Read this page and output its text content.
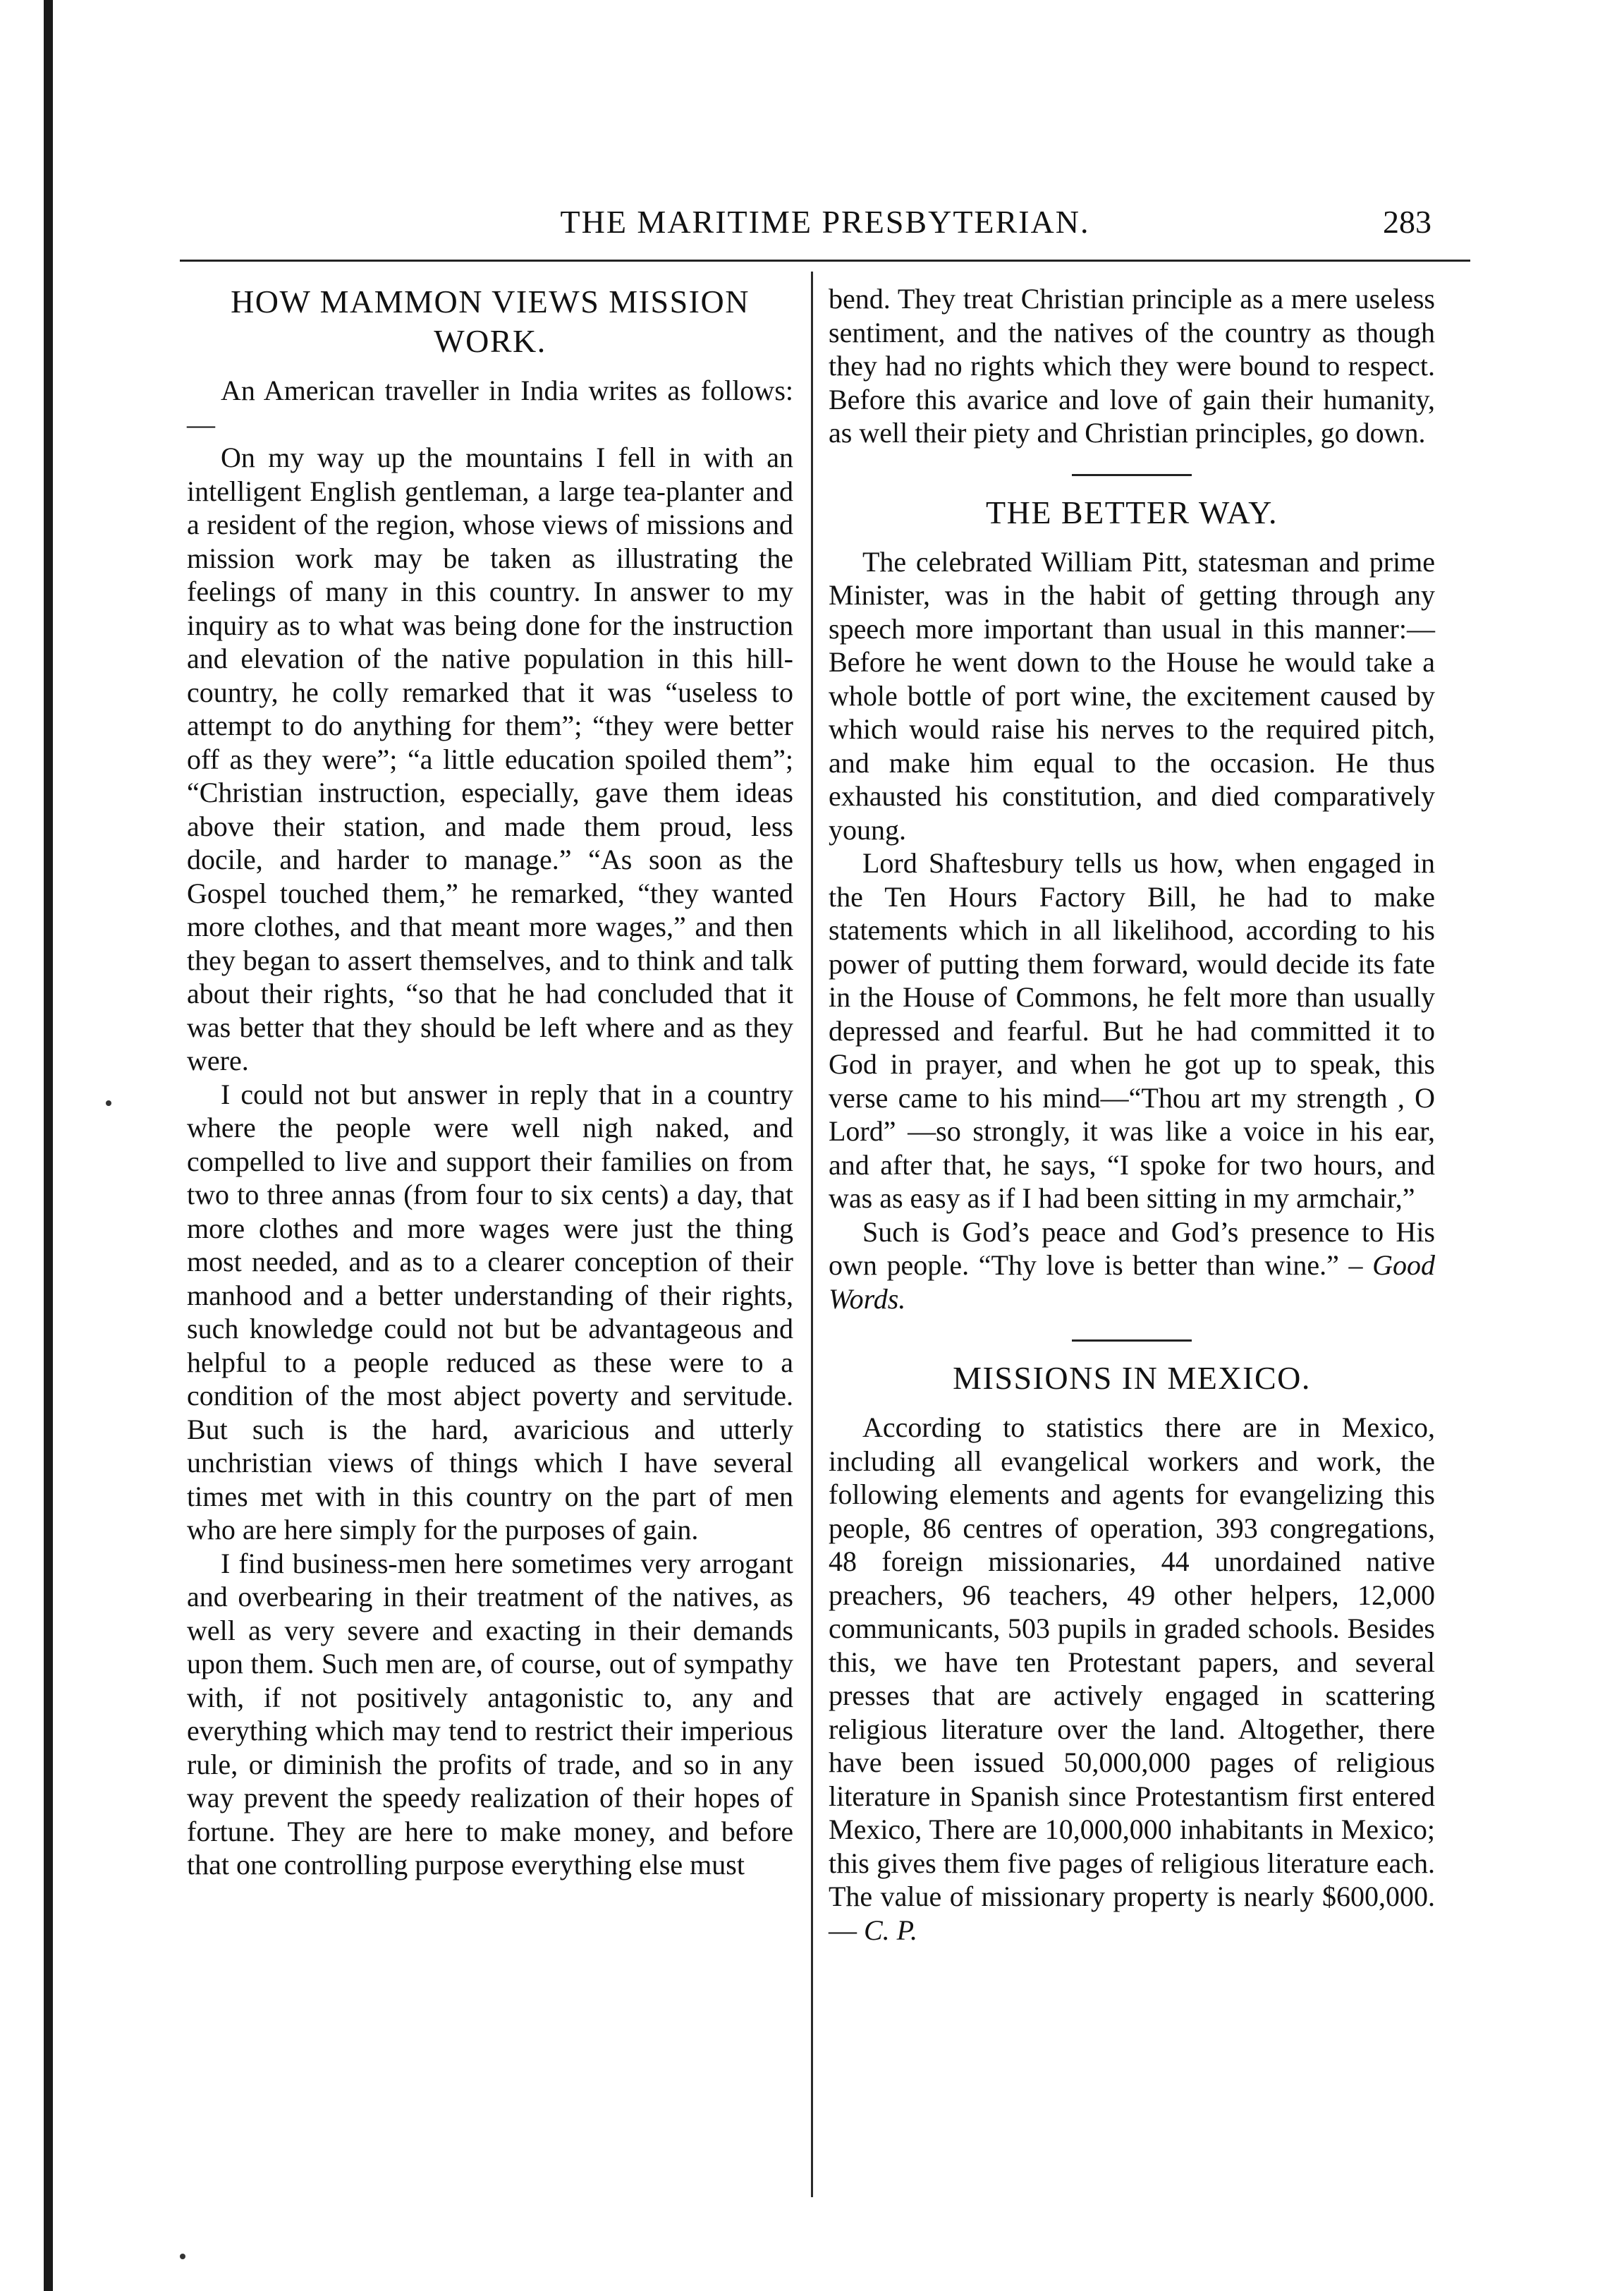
THE MARITIME PRESBYTERIAN.	283
HOW MAMMON VIEWS MISSION WORK.

An American traveller in India writes as follows: —

On my way up the mountains I fell in with an intelligent English gentleman, a large tea-planter and a resident of the region, whose views of missions and mission work may be taken as illustrating the feelings of many in this country. In answer to my inquiry as to what was being done for the instruction and elevation of the native population in this hill-country, he colly remarked that it was “useless to attempt to do anything for them”; “they were better off as they were”; “a little education spoiled them”; “Christian instruction, especially, gave them ideas above their station, and made them proud, less docile, and harder to manage.” “As soon as the Gospel touched them,” he remarked, “they wanted more clothes, and that meant more wages,” and then they began to assert themselves, and to think and talk about their rights, “so that he had concluded that it was better that they should be left where and as they were.

I could not but answer in reply that in a country where the people were well nigh naked, and compelled to live and support their families on from two to three annas (from four to six cents) a day, that more clothes and more wages were just the thing most needed, and as to a clearer conception of their manhood and a better understanding of their rights, such knowledge could not but be advantageous and helpful to a people reduced as these were to a condition of the most abject poverty and servitude. But such is the hard, avaricious and utterly unchristian views of things which I have several times met with in this country on the part of men who are here simply for the purposes of gain.

I find business-men here sometimes very arrogant and overbearing in their treatment of the natives, as well as very severe and exacting in their demands upon them. Such men are, of course, out of sympathy with, if not positively antagonistic to, any and everything which may tend to restrict their imperious rule, or diminish the profits of trade, and so in any way prevent the speedy realization of their hopes of fortune. They are here to make money, and before that one controlling purpose everything else must

bend. They treat Christian principle as a mere useless sentiment, and the natives of the country as though they had no rights which they were bound to respect. Before this avarice and love of gain their humanity, as well their piety and Christian principles, go down.

THE BETTER WAY.

The celebrated William Pitt, statesman and prime Minister, was in the habit of getting through any speech more important than usual in this manner:—Before he went down to the House he would take a whole bottle of port wine, the excitement caused by which would raise his nerves to the required pitch, and make him equal to the occasion. He thus exhausted his constitution, and died comparatively young.

Lord Shaftesbury tells us how, when engaged in the Ten Hours Factory Bill, he had to make statements which in all likelihood, according to his power of putting them forward, would decide its fate in the House of Commons, he felt more than usually depressed and fearful. But he had committed it to God in prayer, and when he got up to speak, this verse came to his mind—“Thou art my strength , O Lord” —so strongly, it was like a voice in his ear, and after that, he says, “I spoke for two hours, and was as easy as if I had been sitting in my armchair,”

Such is God’s peace and God’s presence to His own people. “Thy love is better than wine.” – Good Words.

MISSIONS IN MEXICO.

According to statistics there are in Mexico, including all evangelical workers and work, the following elements and agents for evangelizing this people, 86 centres of operation, 393 congregations, 48 foreign missionaries, 44 unordained native preachers, 96 teachers, 49 other helpers, 12,000 communicants, 503 pupils in graded schools. Besides this, we have ten Protestant papers, and several presses that are actively engaged in scattering religious literature over the land. Altogether, there have been issued 50,000,000 pages of religious literature in Spanish since Protestantism first entered Mexico, There are 10,000,000 inhabitants in Mexico; this gives them five pages of religious literature each. The value of missionary property is nearly $600,000.— C. P.
